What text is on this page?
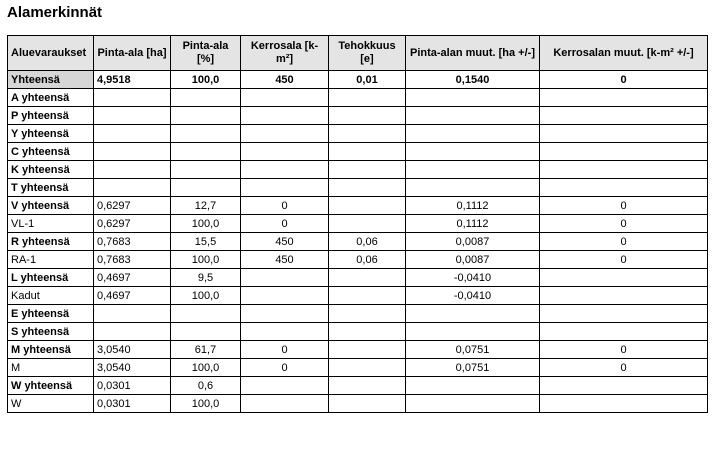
Alamerkinnät
Aluevaraukset	Pinta-ala [ha]	Pinta-ala [%]	Kerrosala [k-m²]	Tehokkuus [e]	Pinta-alan muut. [ha +/-]	Kerrosalan muut. [k-m² +/-]
Yhteensä	4,9518	100,0	450	0,01	0,1540	0
A yhteensä						
P yhteensä						
Y yhteensä						
C yhteensä						
K yhteensä						
T yhteensä						
V yhteensä	0,6297	12,7	0		0,1112	0
VL-1	0,6297	100,0	0		0,1112	0
R yhteensä	0,7683	15,5	450	0,06	0,0087	0
RA-1	0,7683	100,0	450	0,06	0,0087	0
L yhteensä	0,4697	9,5			-0,0410	
Kadut	0,4697	100,0			-0,0410	
E yhteensä						
S yhteensä						
M yhteensä	3,0540	61,7	0		0,0751	0
M	3,0540	100,0	0		0,0751	0
W yhteensä	0,0301	0,6				
W	0,0301	100,0				
